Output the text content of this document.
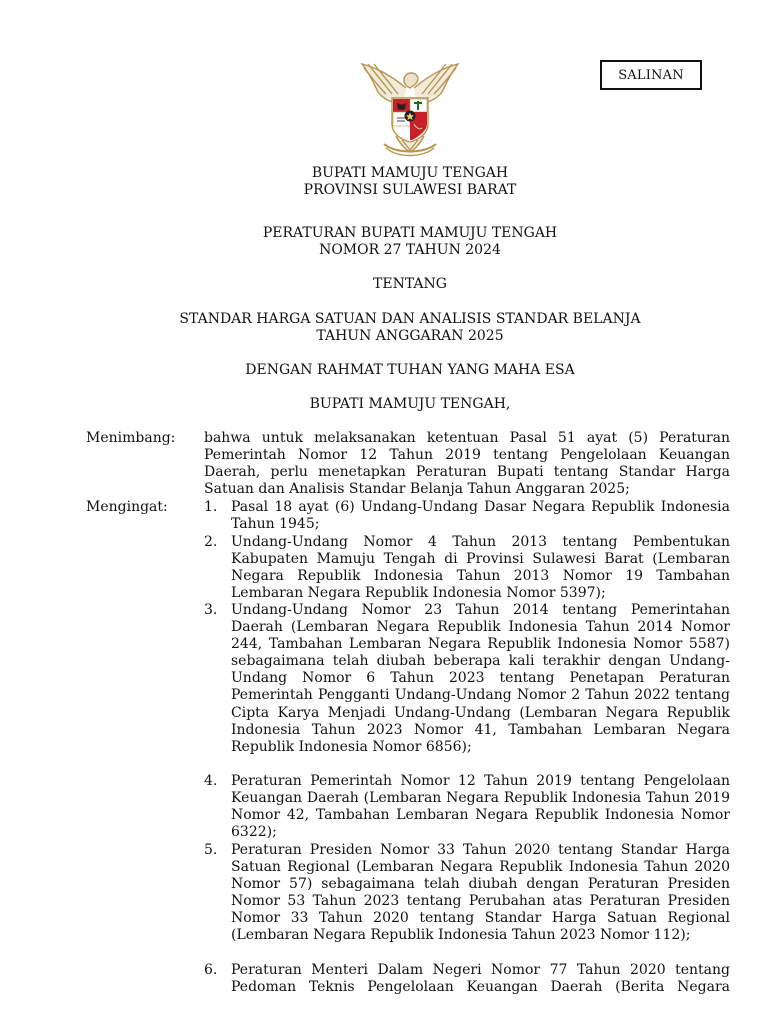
SALINAN
BUPATI MAMUJU TENGAH
PROVINSI SULAWESI BARAT
PERATURAN BUPATI MAMUJU TENGAH
NOMOR 27 TAHUN 2024
TENTANG
STANDAR HARGA SATUAN DAN ANALISIS STANDAR BELANJA
TAHUN ANGGARAN 2025
DENGAN RAHMAT TUHAN YANG MAHA ESA
BUPATI MAMUJU TENGAH,
Menimbang: bahwa untuk melaksanakan ketentuan Pasal 51 ayat (5) Peraturan Pemerintah Nomor 12 Tahun 2019 tentang Pengelolaan Keuangan Daerah, perlu menetapkan Peraturan Bupati tentang Standar Harga Satuan dan Analisis Standar Belanja Tahun Anggaran 2025;
Mengingat:	1. Pasal 18 ayat (6) Undang-Undang Dasar Negara Republik Indonesia Tahun 1945;
2. Undang-Undang Nomor 4 Tahun 2013 tentang Pembentukan Kabupaten Mamuju Tengah di Provinsi Sulawesi Barat (Lembaran Negara Republik Indonesia Tahun 2013 Nomor 19 Tambahan Lembaran Negara Republik Indonesia Nomor 5397);
3. Undang-Undang Nomor 23 Tahun 2014 tentang Pemerintahan Daerah (Lembaran Negara Republik Indonesia Tahun 2014 Nomor 244, Tambahan Lembaran Negara Republik Indonesia Nomor 5587) sebagaimana telah diubah beberapa kali terakhir dengan Undang-Undang Nomor 6 Tahun 2023 tentang Penetapan Peraturan Pemerintah Pengganti Undang-Undang Nomor 2 Tahun 2022 tentang Cipta Karya Menjadi Undang-Undang (Lembaran Negara Republik Indonesia Tahun 2023 Nomor 41, Tambahan Lembaran Negara Republik Indonesia Nomor 6856);
4. Peraturan Pemerintah Nomor 12 Tahun 2019 tentang Pengelolaan Keuangan Daerah (Lembaran Negara Republik Indonesia Tahun 2019 Nomor 42, Tambahan Lembaran Negara Republik Indonesia Nomor 6322);
5. Peraturan Presiden Nomor 33 Tahun 2020 tentang Standar Harga Satuan Regional (Lembaran Negara Republik Indonesia Tahun 2020 Nomor 57) sebagaimana telah diubah dengan Peraturan Presiden Nomor 53 Tahun 2023 tentang Perubahan atas Peraturan Presiden Nomor 33 Tahun 2020 tentang Standar Harga Satuan Regional (Lembaran Negara Republik Indonesia Tahun 2023 Nomor 112);
6. Peraturan Menteri Dalam Negeri Nomor 77 Tahun 2020 tentang Pedoman Teknis Pengelolaan Keuangan Daerah (Berita Negara
